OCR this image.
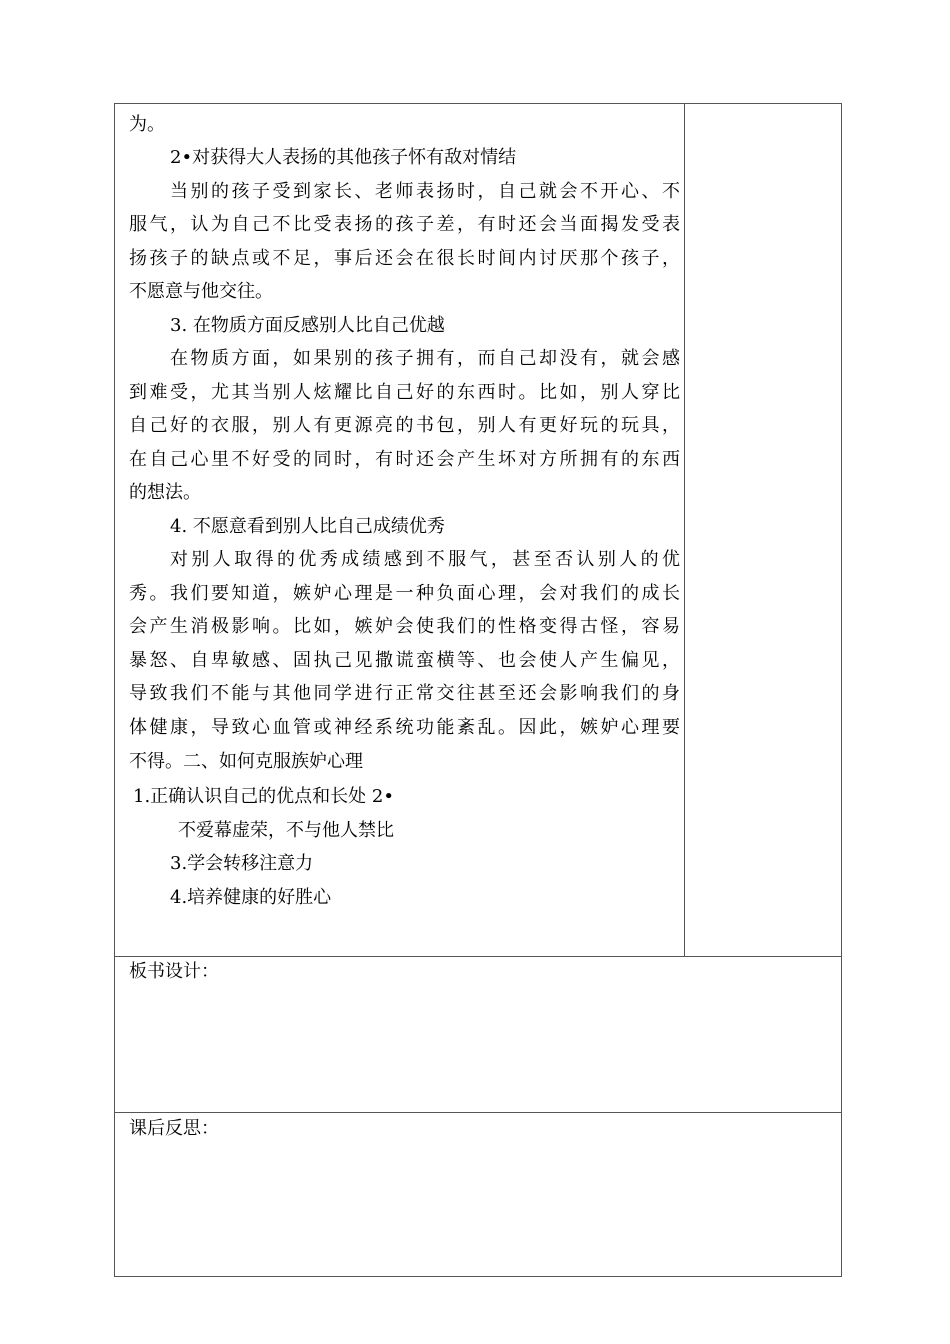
为。
2•对获得大人表扬的其他孩子怀有敌对情结
当别的孩子受到家长、老师表扬时，自己就会不开心、不
服气，认为自己不比受表扬的孩子差，有时还会当面揭发受表
扬孩子的缺点或不足，事后还会在很长时间内讨厌那个孩子，
不愿意与他交往。
3. 在物质方面反感别人比自己优越
在物质方面，如果别的孩子拥有，而自己却没有，就会感
到难受，尤其当别人炫耀比自己好的东西时。比如，别人穿比
自己好的衣服，别人有更源亮的书包，别人有更好玩的玩具，
在自己心里不好受的同时，有时还会产生坏对方所拥有的东西
的想法。
4. 不愿意看到别人比自己成绩优秀
对别人取得的优秀成绩感到不服气，甚至否认别人的优
秀。我们要知道，嫉妒心理是一种负面心理，会对我们的成长
会产生消极影响。比如，嫉妒会使我们的性格变得古怪，容易
暴怒、自卑敏感、固执己见撒谎蛮横等、也会使人产生偏见，
导致我们不能与其他同学进行正常交往甚至还会影响我们的身
体健康，导致心血管或神经系统功能紊乱。因此，嫉妒心理要
不得。二、如何克服族妒心理
1.正确认识自己的优点和长处 2•
不爱幕虚荣，不与他人禁比
3.学会转移注意力
4.培养健康的好胜心
板书设计：
课后反思：
